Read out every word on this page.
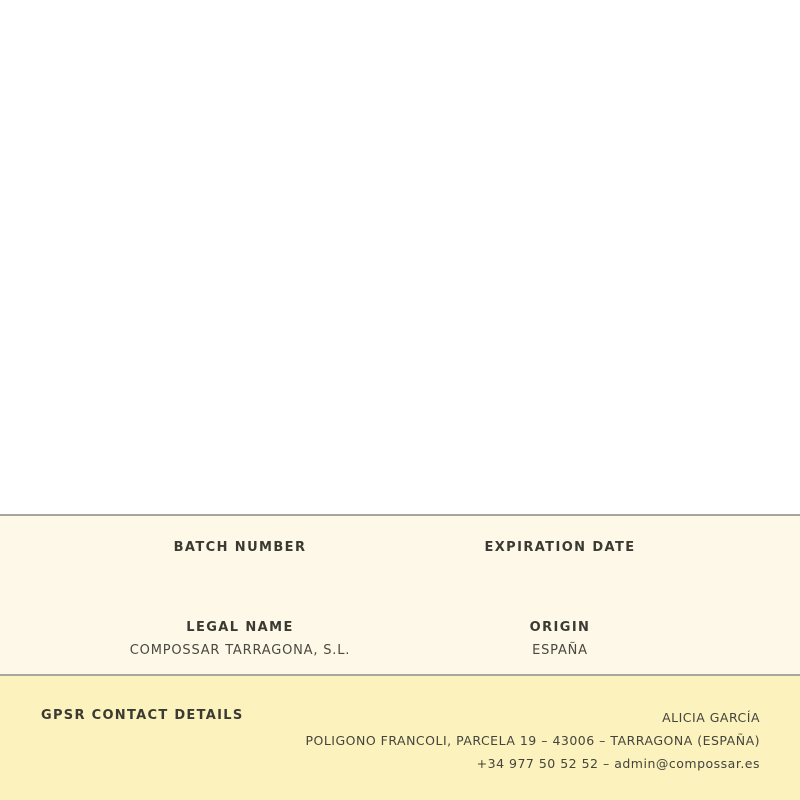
BATCH NUMBER	EXPIRATION DATE
LEGAL NAME
COMPOSSAR TARRAGONA, S.L.
ORIGIN
ESPAÑA
GPSR CONTACT DETAILS	ALICIA GARCÍA
POLIGONO FRANCOLI, PARCELA 19 – 43006 – TARRAGONA (ESPAÑA)
+34 977 50 52 52 – admin@compossar.es
